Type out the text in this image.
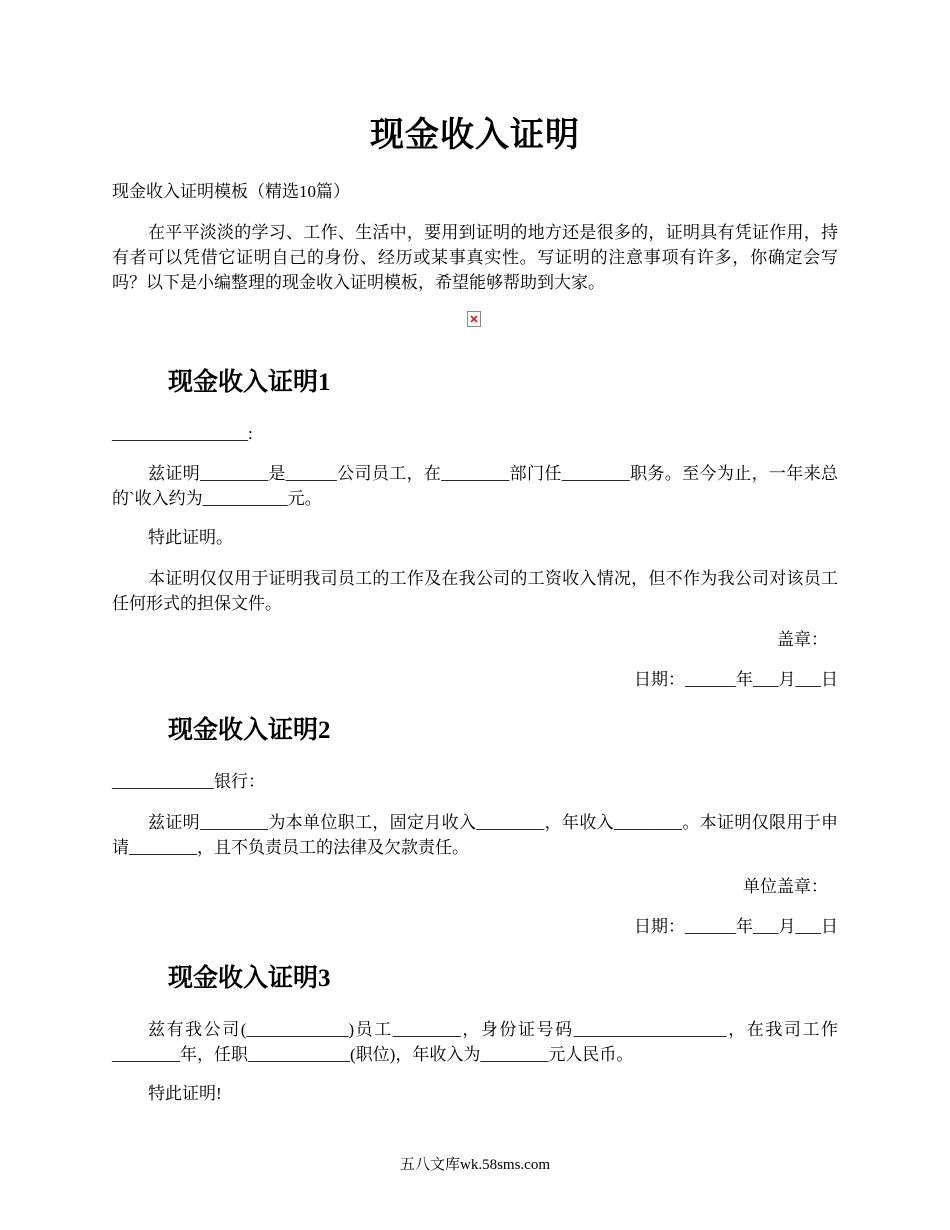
现金收入证明

现金收入证明模板（精选10篇）

在平平淡淡的学习、工作、生活中，要用到证明的地方还是很多的，证明具有凭证作用，持有者可以凭借它证明自己的身份、经历或某事真实性。写证明的注意事项有许多，你确定会写吗？以下是小编整理的现金收入证明模板，希望能够帮助到大家。

现金收入证明1

________________:

兹证明________是______公司员工，在________部门任________职务。至今为止，一年来总的`收入约为__________元。

特此证明。

本证明仅仅用于证明我司员工的工作及在我公司的工资收入情况，但不作为我公司对该员工任何形式的担保文件。

盖章：

日期：______年___月___日

现金收入证明2

____________银行：

兹证明________为本单位职工，固定月收入________，年收入________。本证明仅限用于申请________，且不负责员工的法律及欠款责任。

单位盖章：

日期：______年___月___日

现金收入证明3

兹有我公司(____________)员工________，身份证号码__________________，在我司工作________年，任职____________(职位)，年收入为________元人民币。

特此证明!

五八文库wk.58sms.com
